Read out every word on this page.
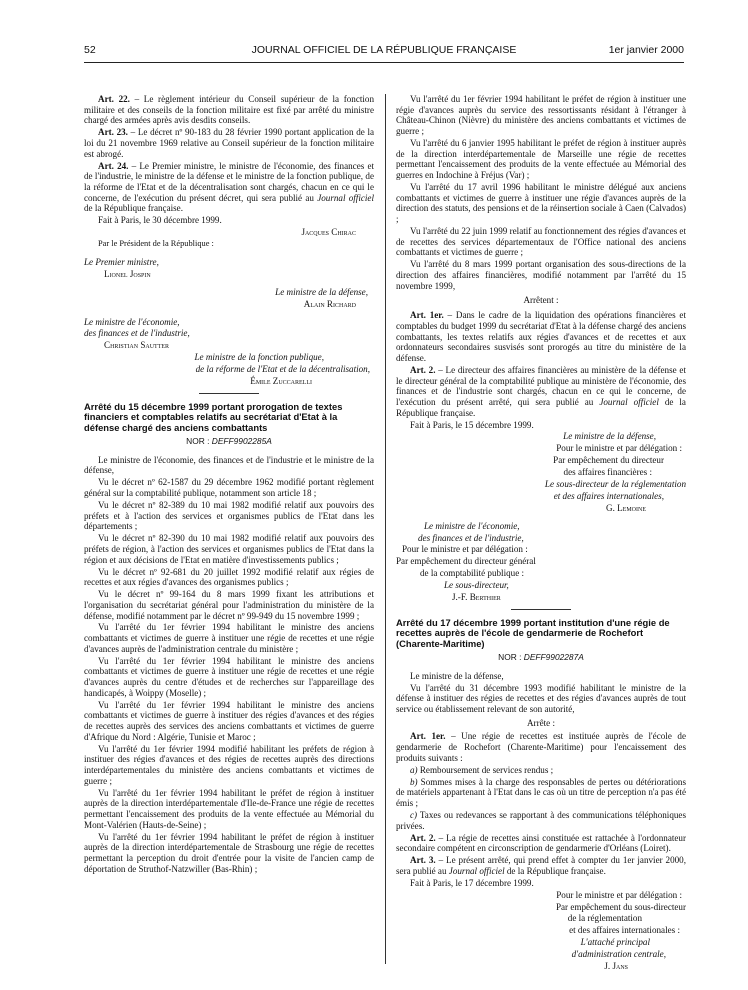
52	JOURNAL OFFICIEL DE LA RÉPUBLIQUE FRANÇAISE	1er janvier 2000

Art. 22. – Le règlement intérieur du Conseil supérieur de la fonction militaire et des conseils de la fonction militaire est fixé par arrêté du ministre chargé des armées après avis desdits conseils.

Art. 23. – Le décret nº 90-183 du 28 février 1990 portant application de la loi du 21 novembre 1969 relative au Conseil supérieur de la fonction militaire est abrogé.

Art. 24. – Le Premier ministre, le ministre de l'économie, des finances et de l'industrie, le ministre de la défense et le ministre de la fonction publique, de la réforme de l'Etat et de la décentralisation sont chargés, chacun en ce qui le concerne, de l'exécution du présent décret, qui sera publié au Journal officiel de la République française.

Fait à Paris, le 30 décembre 1999.

Jacques Chirac

Par le Président de la République :

Le Premier ministre,

Lionel Jospin

Le ministre de la défense,

Alain Richard

Le ministre de l'économie,

des finances et de l'industrie,

Christian Sautter

Le ministre de la fonction publique,

de la réforme de l'Etat et de la décentralisation,

Émile Zuccarelli

Arrêté du 15 décembre 1999 portant prorogation de textes financiers et comptables relatifs au secrétariat d'Etat à la défense chargé des anciens combattants

NOR : DEFF9902285A

Le ministre de l'économie, des finances et de l'industrie et le ministre de la défense,

Vu le décret nº 62-1587 du 29 décembre 1962 modifié portant règlement général sur la comptabilité publique, notamment son article 18 ;

Vu le décret nº 82-389 du 10 mai 1982 modifié relatif aux pouvoirs des préfets et à l'action des services et organismes publics de l'Etat dans les départements ;

Vu le décret nº 82-390 du 10 mai 1982 modifié relatif aux pouvoirs des préfets de région, à l'action des services et organismes publics de l'Etat dans la région et aux décisions de l'Etat en matière d'investissements publics ;

Vu le décret nº 92-681 du 20 juillet 1992 modifié relatif aux régies de recettes et aux régies d'avances des organismes publics ;

Vu le décret nº 99-164 du 8 mars 1999 fixant les attributions et l'organisation du secrétariat général pour l'administration du ministère de la défense, modifié notamment par le décret nº 99-949 du 15 novembre 1999 ;

Vu l'arrêté du 1er février 1994 habilitant le ministre des anciens combattants et victimes de guerre à instituer une régie de recettes et une régie d'avances auprès de l'administration centrale du ministère ;

Vu l'arrêté du 1er février 1994 habilitant le ministre des anciens combattants et victimes de guerre à instituer une régie de recettes et une régie d'avances auprès du centre d'études et de recherches sur l'appareillage des handicapés, à Woippy (Moselle) ;

Vu l'arrêté du 1er février 1994 habilitant le ministre des anciens combattants et victimes de guerre à instituer des régies d'avances et des régies de recettes auprès des services des anciens combattants et victimes de guerre d'Afrique du Nord : Algérie, Tunisie et Maroc ;

Vu l'arrêté du 1er février 1994 modifié habilitant les préfets de région à instituer des régies d'avances et des régies de recettes auprès des directions interdépartementales du ministère des anciens combattants et victimes de guerre ;

Vu l'arrêté du 1er février 1994 habilitant le préfet de région à instituer auprès de la direction interdépartementale d'Ile-de-France une régie de recettes permettant l'encaissement des produits de la vente effectuée au Mémorial du Mont-Valérien (Hauts-de-Seine) ;

Vu l'arrêté du 1er février 1994 habilitant le préfet de région à instituer auprès de la direction interdépartementale de Strasbourg une régie de recettes permettant la perception du droit d'entrée pour la visite de l'ancien camp de déportation de Struthof-Natzwiller (Bas-Rhin) ;

Vu l'arrêté du 1er février 1994 habilitant le préfet de région à instituer une régie d'avances auprès du service des ressortissants résidant à l'étranger à Château-Chinon (Nièvre) du ministère des anciens combattants et victimes de guerre ;

Vu l'arrêté du 6 janvier 1995 habilitant le préfet de région à instituer auprès de la direction interdépartementale de Marseille une régie de recettes permettant l'encaissement des produits de la vente effectuée au Mémorial des guerres en Indochine à Fréjus (Var) ;

Vu l'arrêté du 17 avril 1996 habilitant le ministre délégué aux anciens combattants et victimes de guerre à instituer une régie d'avances auprès de la direction des statuts, des pensions et de la réinsertion sociale à Caen (Calvados) ;

Vu l'arrêté du 22 juin 1999 relatif au fonctionnement des régies d'avances et de recettes des services départementaux de l'Office national des anciens combattants et victimes de guerre ;

Vu l'arrêté du 8 mars 1999 portant organisation des sous-directions de la direction des affaires financières, modifié notamment par l'arrêté du 15 novembre 1999,

Arrêtent :

Art. 1er. – Dans le cadre de la liquidation des opérations financières et comptables du budget 1999 du secrétariat d'Etat à la défense chargé des anciens combattants, les textes relatifs aux régies d'avances et de recettes et aux ordonnateurs secondaires susvisés sont prorogés au titre du ministère de la défense.

Art. 2. – Le directeur des affaires financières au ministère de la défense et le directeur général de la comptabilité publique au ministère de l'économie, des finances et de l'industrie sont chargés, chacun en ce qui le concerne, de l'exécution du présent arrêté, qui sera publié au Journal officiel de la République française.

Fait à Paris, le 15 décembre 1999.

Le ministre de la défense,

Pour le ministre et par délégation :

Par empêchement du directeur

des affaires financières :

Le sous-directeur de la réglementation

et des affaires internationales,

G. Lemoine

Le ministre de l'économie,

des finances et de l'industrie,

Pour le ministre et par délégation :

Par empêchement du directeur général

de la comptabilité publique :

Le sous-directeur,

J.-F. Berthier

Arrêté du 17 décembre 1999 portant institution d'une régie de recettes auprès de l'école de gendarmerie de Rochefort (Charente-Maritime)

NOR : DEFF9902287A

Le ministre de la défense,

Vu l'arrêté du 31 décembre 1993 modifié habilitant le ministre de la défense à instituer des régies de recettes et des régies d'avances auprès de tout service ou établissement relevant de son autorité,

Arrête :

Art. 1er. – Une régie de recettes est instituée auprès de l'école de gendarmerie de Rochefort (Charente-Maritime) pour l'encaissement des produits suivants :

a) Remboursement de services rendus ;

b) Sommes mises à la charge des responsables de pertes ou détériorations de matériels appartenant à l'Etat dans le cas où un titre de perception n'a pas été émis ;

c) Taxes ou redevances se rapportant à des communications téléphoniques privées.

Art. 2. – La régie de recettes ainsi constituée est rattachée à l'ordonnateur secondaire compétent en circonscription de gendarmerie d'Orléans (Loiret).

Art. 3. – Le présent arrêté, qui prend effet à compter du 1er janvier 2000, sera publié au Journal officiel de la République française.

Fait à Paris, le 17 décembre 1999.

Pour le ministre et par délégation :

Par empêchement du sous-directeur

de la réglementation

et des affaires internationales :

L'attaché principal

d'administration centrale,

J. Jans
